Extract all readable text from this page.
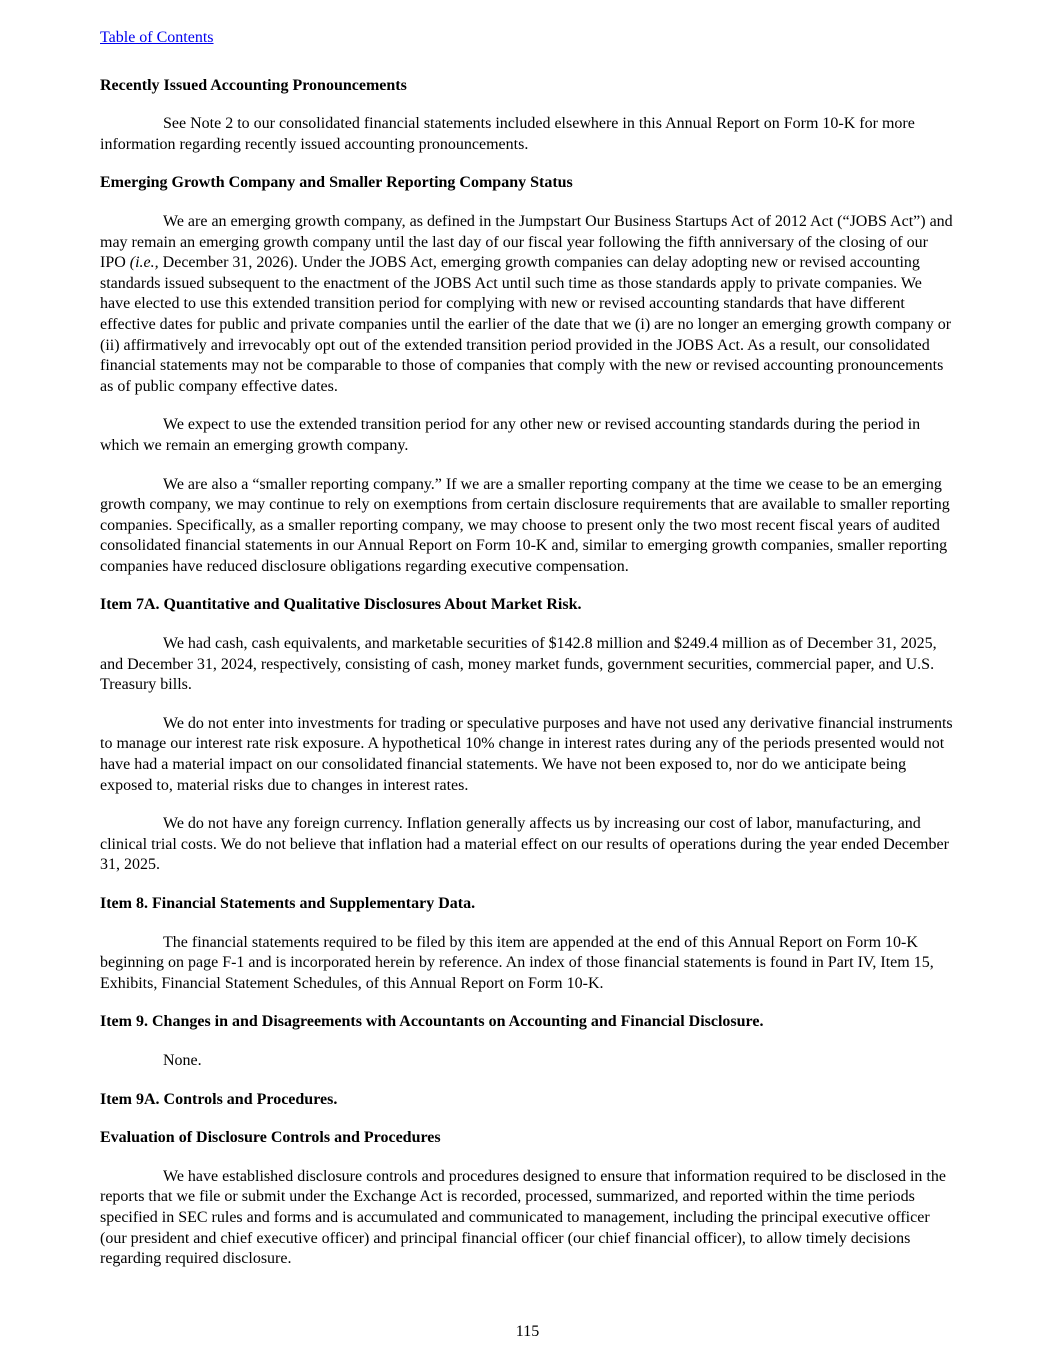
Table of Contents
Recently Issued Accounting Pronouncements

See Note 2 to our consolidated financial statements included elsewhere in this Annual Report on Form 10-K for more information regarding recently issued accounting pronouncements.

Emerging Growth Company and Smaller Reporting Company Status

We are an emerging growth company, as defined in the Jumpstart Our Business Startups Act of 2012 Act (“JOBS Act”) and may remain an emerging growth company until the last day of our fiscal year following the fifth anniversary of the closing of our IPO (i.e., December 31, 2026). Under the JOBS Act, emerging growth companies can delay adopting new or revised accounting standards issued subsequent to the enactment of the JOBS Act until such time as those standards apply to private companies. We have elected to use this extended transition period for complying with new or revised accounting standards that have different effective dates for public and private companies until the earlier of the date that we (i) are no longer an emerging growth company or (ii) affirmatively and irrevocably opt out of the extended transition period provided in the JOBS Act. As a result, our consolidated financial statements may not be comparable to those of companies that comply with the new or revised accounting pronouncements as of public company effective dates.

We expect to use the extended transition period for any other new or revised accounting standards during the period in which we remain an emerging growth company.

We are also a “smaller reporting company.” If we are a smaller reporting company at the time we cease to be an emerging growth company, we may continue to rely on exemptions from certain disclosure requirements that are available to smaller reporting companies. Specifically, as a smaller reporting company, we may choose to present only the two most recent fiscal years of audited consolidated financial statements in our Annual Report on Form 10-K and, similar to emerging growth companies, smaller reporting companies have reduced disclosure obligations regarding executive compensation.

Item 7A. Quantitative and Qualitative Disclosures About Market Risk.

We had cash, cash equivalents, and marketable securities of $142.8 million and $249.4 million as of December 31, 2025, and December 31, 2024, respectively, consisting of cash, money market funds, government securities, commercial paper, and U.S. Treasury bills.

We do not enter into investments for trading or speculative purposes and have not used any derivative financial instruments to manage our interest rate risk exposure. A hypothetical 10% change in interest rates during any of the periods presented would not have had a material impact on our consolidated financial statements. We have not been exposed to, nor do we anticipate being exposed to, material risks due to changes in interest rates.

We do not have any foreign currency. Inflation generally affects us by increasing our cost of labor, manufacturing, and clinical trial costs. We do not believe that inflation had a material effect on our results of operations during the year ended December 31, 2025.

Item 8. Financial Statements and Supplementary Data.

The financial statements required to be filed by this item are appended at the end of this Annual Report on Form 10-K beginning on page F-1 and is incorporated herein by reference. An index of those financial statements is found in Part IV, Item 15, Exhibits, Financial Statement Schedules, of this Annual Report on Form 10-K.

Item 9. Changes in and Disagreements with Accountants on Accounting and Financial Disclosure.

None.

Item 9A. Controls and Procedures.
Evaluation of Disclosure Controls and Procedures

We have established disclosure controls and procedures designed to ensure that information required to be disclosed in the reports that we file or submit under the Exchange Act is recorded, processed, summarized, and reported within the time periods specified in SEC rules and forms and is accumulated and communicated to management, including the principal executive officer (our president and chief executive officer) and principal financial officer (our chief financial officer), to allow timely decisions regarding required disclosure.

115
